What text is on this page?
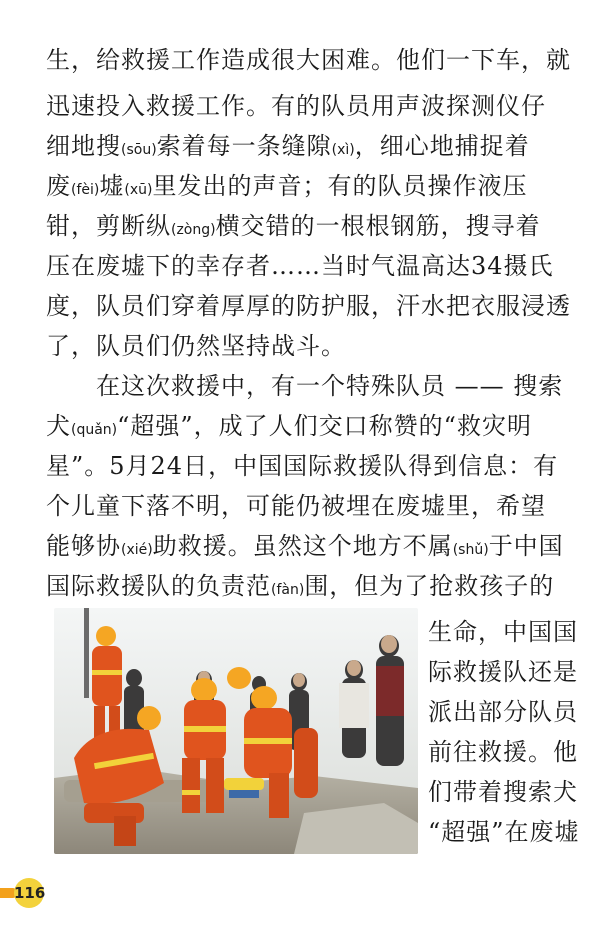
生，给救援工作造成很大困难。他们一下车，就
迅速投入救援工作。有的队员用声波探测仪仔
细地搜(sōu)索着每一条缝隙(xì)，细心地捕捉着
废(fèi)墟(xū)里发出的声音；有的队员操作液压
钳，剪断纵(zòng)横交错的一根根钢筋，搜寻着
压在废墟下的幸存者……当时气温高达34摄氏
度，队员们穿着厚厚的防护服，汗水把衣服浸透
了，队员们仍然坚持战斗。
　　在这次救援中，有一个特殊队员 —— 搜索
犬(quǎn)“超强”，成了人们交口称赞的“救灾明
星”。5月24日，中国国际救援队得到信息：有
个儿童下落不明，可能仍被埋在废墟里，希望
能够协(xié)助救援。虽然这个地方不属(shǔ)于中国
国际救援队的负责范(fàn)围，但为了抢救孩子的
生命，中国国
际救援队还是
派出部分队员
前往救援。他
们带着搜索犬
“超强”在废墟
116
